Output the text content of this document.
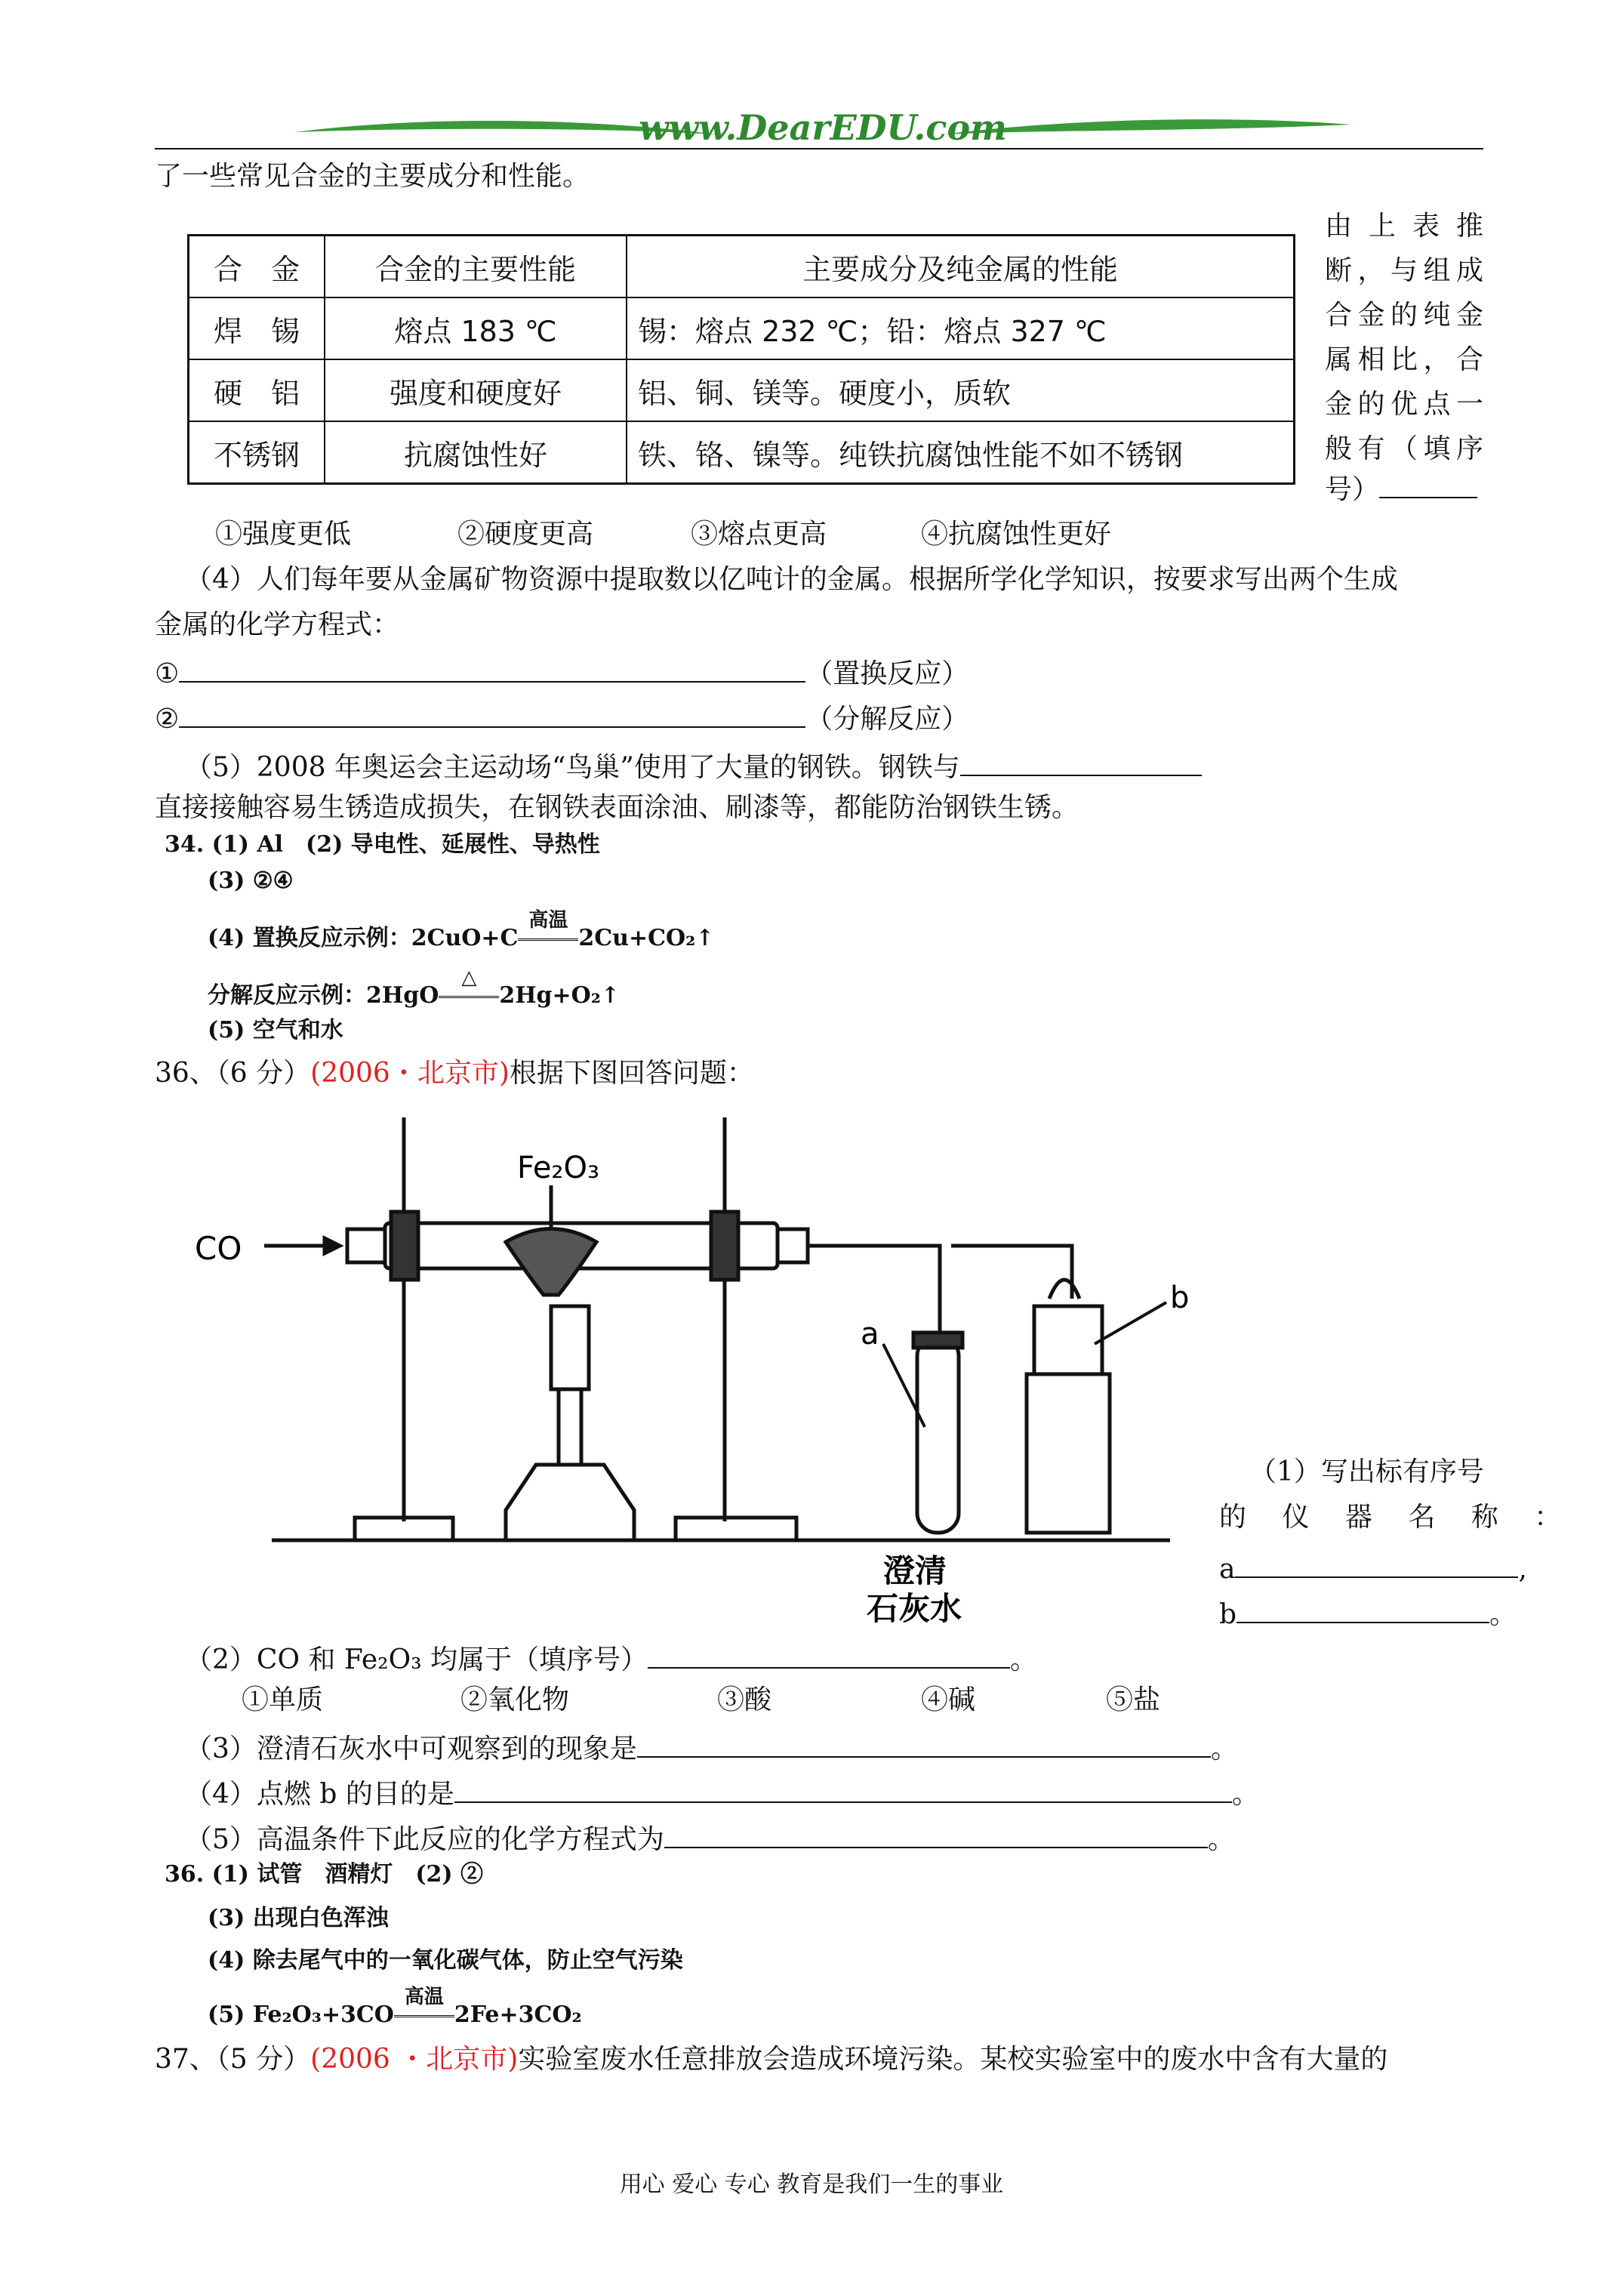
www.DearEDU.com
了一些常见合金的主要成分和性能。
合　金	合金的主要性能	主要成分及纯金属的性能
焊　锡	熔点 183 ℃	锡：熔点 232 ℃；铅：熔点 327 ℃
硬　铝	强度和硬度好	铝、铜、镁等。硬度小，质软
不锈钢	抗腐蚀性好	铁、铬、镍等。纯铁抗腐蚀性能不如不锈钢
由上表推
断，与组成
合金的纯金
属相比，合
金的优点一
般有（填序
号）
①强度更低	②硬度更高	③熔点更高	④抗腐蚀性更好
（4）人们每年要从金属矿物资源中提取数以亿吨计的金属。根据所学化学知识，按要求写出两个生成
金属的化学方程式：
①	（置换反应）
②	（分解反应）
（5）2008 年奥运会主运动场“鸟巢”使用了大量的钢铁。钢铁与
直接接触容易生锈造成损失，在钢铁表面涂油、刷漆等，都能防治钢铁生锈。
34. (1) Al　(2) 导电性、延展性、导热性
(3) ②④
(4) 置换反应示例：2CuO+C
高温
2Cu+CO₂↑
分解反应示例：2HgO
△
2Hg+O₂↑
(5) 空气和水
36、（6 分）(2006・北京市)根据下图回答问题：
CO
Fe₂O₃
a
b
澄清
石灰水
（1）写出标有序号
的 仪 器 名 称 ：
a	,
b	。
（2）CO 和 Fe₂O₃ 均属于（填序号）	。
①单质	②氧化物	③酸	④碱	⑤盐
（3）澄清石灰水中可观察到的现象是	。
（4）点燃 b 的目的是	。
（5）高温条件下此反应的化学方程式为	。
36. (1) 试管　酒精灯　(2) ②
(3) 出现白色浑浊
(4) 除去尾气中的一氧化碳气体，防止空气污染
(5) Fe₂O₃+3CO
高温
2Fe+3CO₂
37、（5 分）(2006 ・北京市)实验室废水任意排放会造成环境污染。某校实验室中的废水中含有大量的
用心 爱心 专心 教育是我们一生的事业
